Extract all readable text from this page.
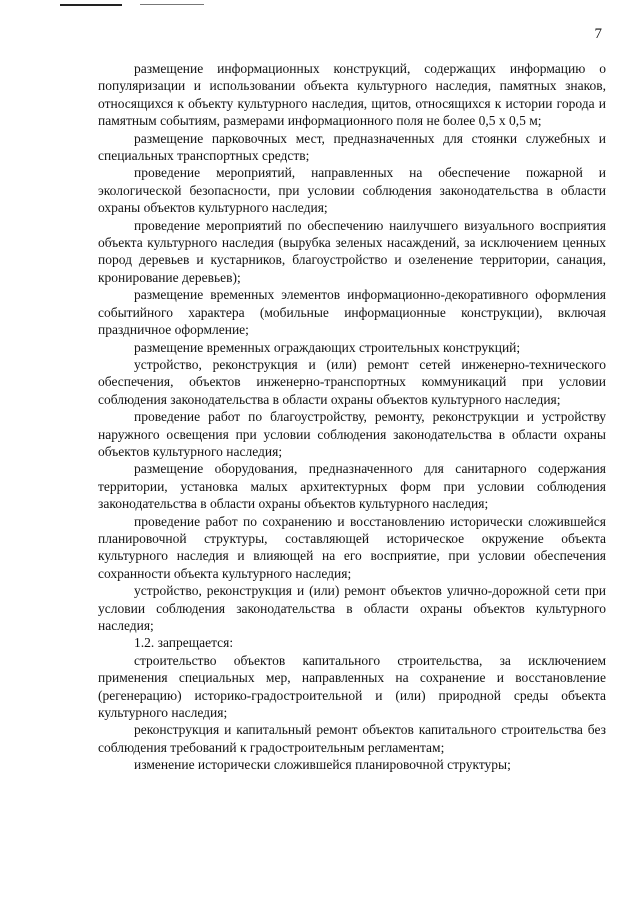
7

размещение информационных конструкций, содержащих информацию о популяризации и использовании объекта культурного наследия, памятных знаков, относящихся к объекту культурного наследия, щитов, относящихся к истории города и памятным событиям, размерами информационного поля не более 0,5 х 0,5 м;

размещение парковочных мест, предназначенных для стоянки служебных и специальных транспортных средств;

проведение мероприятий, направленных на обеспечение пожарной и экологической безопасности, при условии соблюдения законодательства в области охраны объектов культурного наследия;

проведение мероприятий по обеспечению наилучшего визуального восприятия объекта культурного наследия (вырубка зеленых насаждений, за исключением ценных пород деревьев и кустарников, благоустройство и озеленение территории, санация, кронирование деревьев);

размещение временных элементов информационно-декоративного оформления событийного характера (мобильные информационные конструкции), включая праздничное оформление;

размещение временных ограждающих строительных конструкций;

устройство, реконструкция и (или) ремонт сетей инженерно-технического обеспечения, объектов инженерно-транспортных коммуникаций при условии соблюдения законодательства в области охраны объектов культурного наследия;

проведение работ по благоустройству, ремонту, реконструкции и устройству наружного освещения при условии соблюдения законодательства в области охраны объектов культурного наследия;

размещение оборудования, предназначенного для санитарного содержания территории, установка малых архитектурных форм при условии соблюдения законодательства в области охраны объектов культурного наследия;

проведение работ по сохранению и восстановлению исторически сложившейся планировочной структуры, составляющей историческое окружение объекта культурного наследия и влияющей на его восприятие, при условии обеспечения сохранности объекта культурного наследия;

устройство, реконструкция и (или) ремонт объектов улично-дорожной сети при условии соблюдения законодательства в области охраны объектов культурного наследия;

1.2. запрещается:

строительство объектов капитального строительства, за исключением применения специальных мер, направленных на сохранение и восстановление (регенерацию) историко-градостроительной и (или) природной среды объекта культурного наследия;

реконструкция и капитальный ремонт объектов капитального строительства без соблюдения требований к градостроительным регламентам;

изменение исторически сложившейся планировочной структуры;
